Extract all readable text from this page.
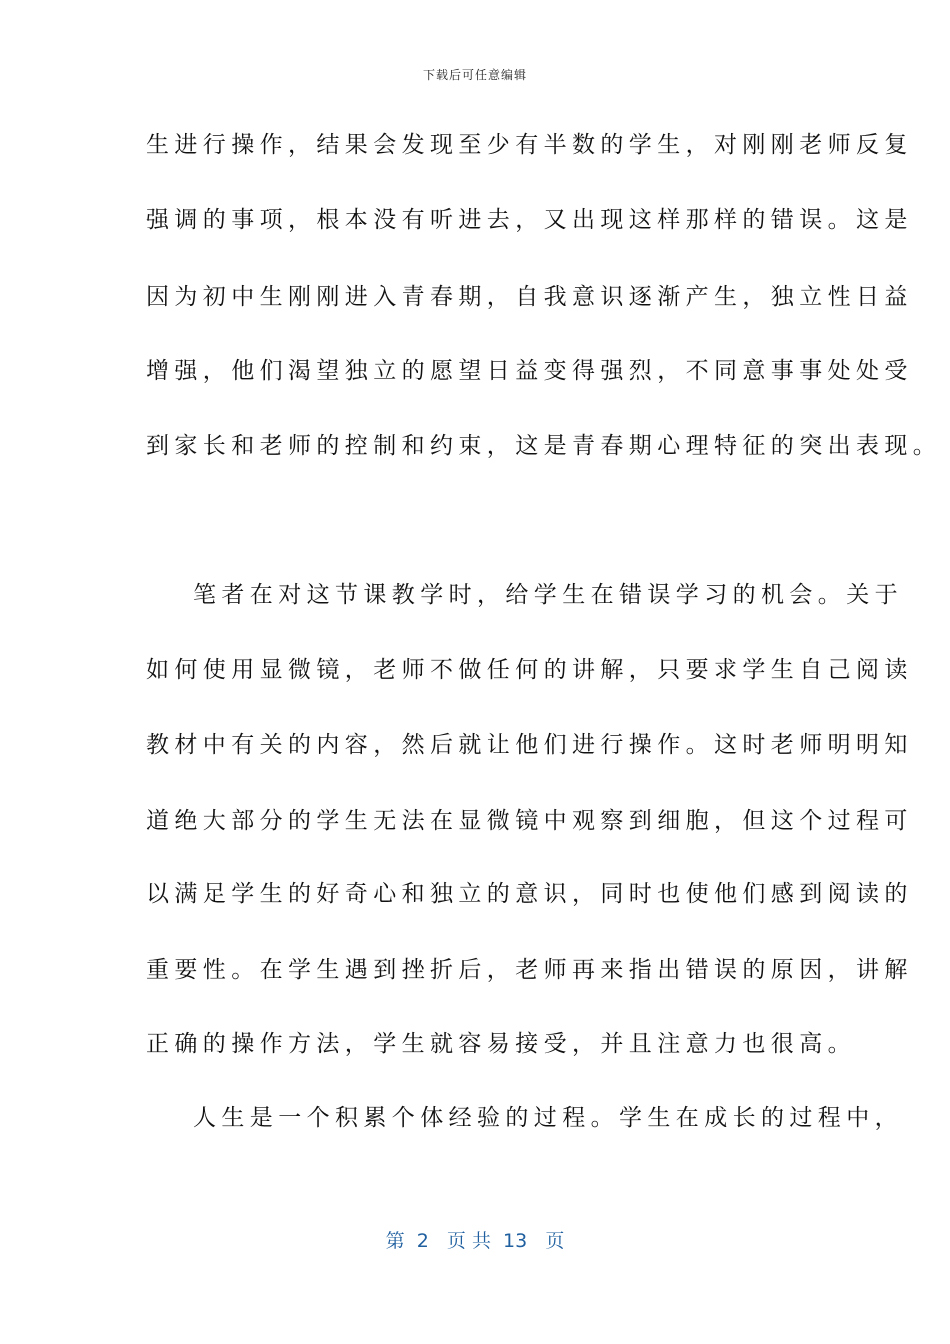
下载后可任意编辑
生进行操作，结果会发现至少有半数的学生，对刚刚老师反复
强调的事项，根本没有听进去，又出现这样那样的错误。这是
因为初中生刚刚进入青春期，自我意识逐渐产生，独立性日益
增强，他们渴望独立的愿望日益变得强烈，不同意事事处处受
到家长和老师的控制和约束，这是青春期心理特征的突出表现。
笔者在对这节课教学时，给学生在错误学习的机会。关于
如何使用显微镜，老师不做任何的讲解，只要求学生自己阅读
教材中有关的内容，然后就让他们进行操作。这时老师明明知
道绝大部分的学生无法在显微镜中观察到细胞，但这个过程可
以满足学生的好奇心和独立的意识，同时也使他们感到阅读的
重要性。在学生遇到挫折后，老师再来指出错误的原因，讲解
正确的操作方法，学生就容易接受，并且注意力也很高。
人生是一个积累个体经验的过程。学生在成长的过程中，
第  2   页 共  13   页
